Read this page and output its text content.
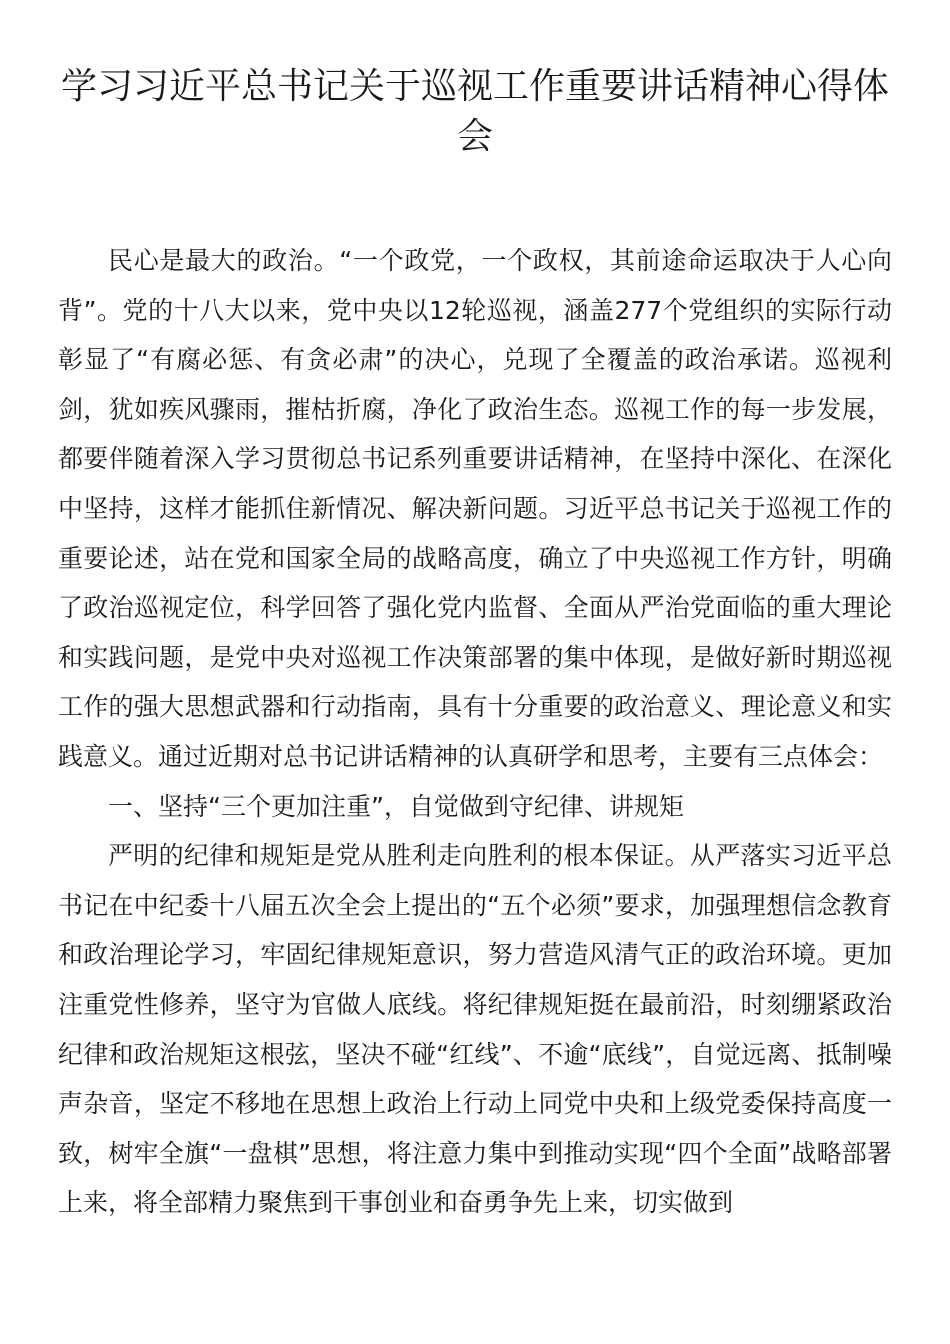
学习习近平总书记关于巡视工作重要讲话精神心得体会

民心是最大的政治。“一个政党，一个政权，其前途命运取决于人心向背”。党的十八大以来，党中央以12轮巡视，涵盖277个党组织的实际行动彰显了“有腐必惩、有贪必肃”的决心，兑现了全覆盖的政治承诺。巡视利剑，犹如疾风骤雨，摧枯折腐，净化了政治生态。巡视工作的每一步发展，都要伴随着深入学习贯彻总书记系列重要讲话精神，在坚持中深化、在深化中坚持，这样才能抓住新情况、解决新问题。习近平总书记关于巡视工作的重要论述，站在党和国家全局的战略高度，确立了中央巡视工作方针，明确了政治巡视定位，科学回答了强化党内监督、全面从严治党面临的重大理论和实践问题，是党中央对巡视工作决策部署的集中体现，是做好新时期巡视工作的强大思想武器和行动指南，具有十分重要的政治意义、理论意义和实践意义。通过近期对总书记讲话精神的认真研学和思考，主要有三点体会：

一、坚持“三个更加注重”，自觉做到守纪律、讲规矩

严明的纪律和规矩是党从胜利走向胜利的根本保证。从严落实习近平总书记在中纪委十八届五次全会上提出的“五个必须”要求，加强理想信念教育和政治理论学习，牢固纪律规矩意识，努力营造风清气正的政治环境。更加注重党性修养，坚守为官做人底线。将纪律规矩挺在最前沿，时刻绷紧政治纪律和政治规矩这根弦，坚决不碰“红线”、不逾“底线”，自觉远离、抵制噪声杂音，坚定不移地在思想上政治上行动上同党中央和上级党委保持高度一致，树牢全旗“一盘棋”思想，将注意力集中到推动实现“四个全面”战略部署上来，将全部精力聚焦到干事创业和奋勇争先上来，切实做到
